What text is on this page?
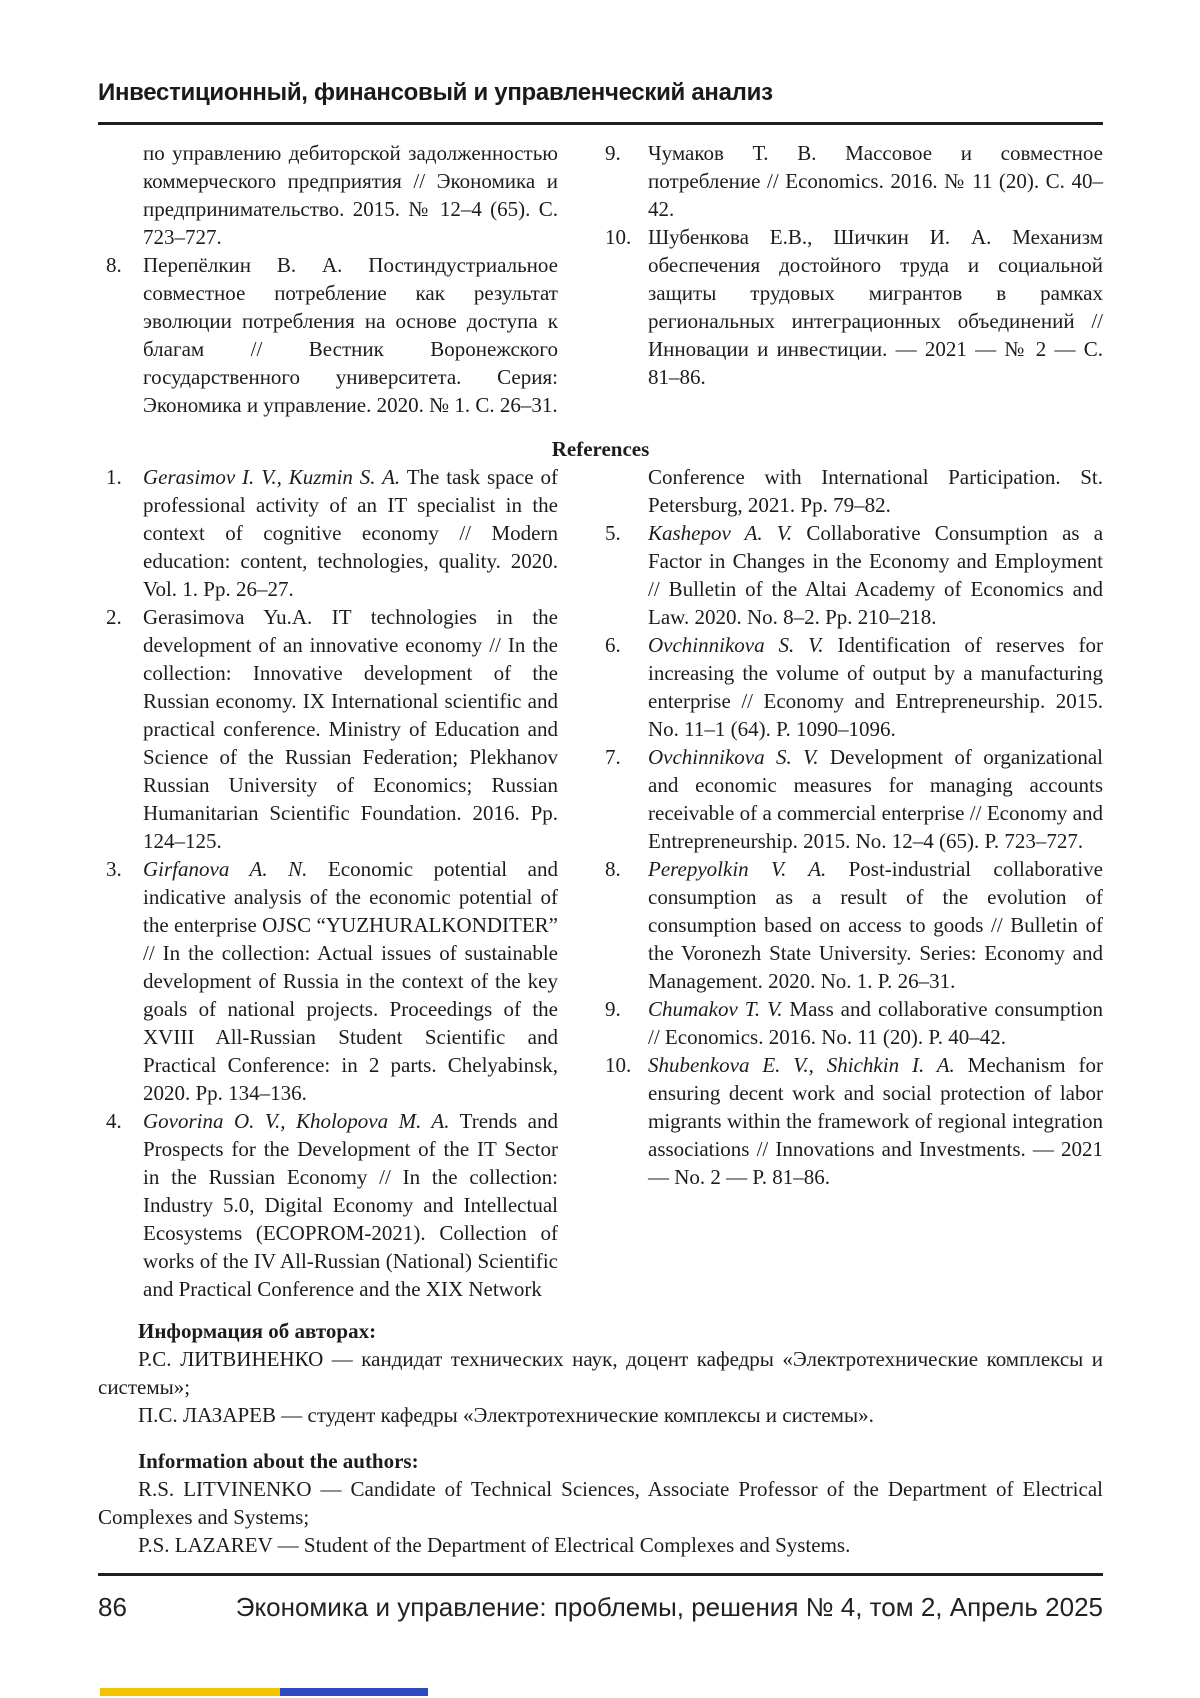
Инвестиционный, финансовый и управленческий анализ
по управлению дебиторской задолженностью коммерческого предприятия // Экономика и предпринимательство. 2015. № 12–4 (65). С. 723–727.
8.	Перепёлкин В. А. Постиндустриальное совместное потребление как результат эволюции потребления на основе доступа к благам // Вестник Воронежского государственного университета. Серия: Экономика и управление. 2020. № 1. С. 26–31.
9.	Чумаков Т. В. Массовое и совместное потребление // Economics. 2016. № 11 (20). С. 40–42.
10. Шубенкова Е.В., Шичкин И. А. Механизм обеспечения достойного труда и социальной защиты трудовых мигрантов в рамках региональных интеграционных объединений // Инновации и инвестиции. — 2021 — № 2 — С. 81–86.
References
1.	Gerasimov I. V., Kuzmin S. A. The task space of professional activity of an IT specialist in the context of cognitive economy // Modern education: content, technologies, quality. 2020. Vol. 1. Pp. 26–27.
2.	Gerasimova Yu.A. IT technologies in the development of an innovative economy // In the collection: Innovative development of the Russian economy. IX International scientific and practical conference. Ministry of Education and Science of the Russian Federation; Plekhanov Russian University of Economics; Russian Humanitarian Scientific Foundation. 2016. Pp. 124–125.
3.	Girfanova A. N. Economic potential and indicative analysis of the economic potential of the enterprise OJSC “YUZHURALKONDITER” // In the collection: Actual issues of sustainable development of Russia in the context of the key goals of national projects. Proceedings of the XVIII All-Russian Student Scientific and Practical Conference: in 2 parts. Chelyabinsk, 2020. Pp. 134–136.
4.	Govorina O. V., Kholopova M. A. Trends and Prospects for the Development of the IT Sector in the Russian Economy // In the collection: Industry 5.0, Digital Economy and Intellectual Ecosystems (ECOPROM-2021). Collection of works of the IV All-Russian (National) Scientific and Practical Conference and the XIX Network
Conference with International Participation. St. Petersburg, 2021. Pp. 79–82.
5.	Kashepov A. V. Collaborative Consumption as a Factor in Changes in the Economy and Employment // Bulletin of the Altai Academy of Economics and Law. 2020. No. 8–2. Pp. 210–218.
6.	Ovchinnikova S. V. Identification of reserves for increasing the volume of output by a manufacturing enterprise // Economy and Entrepreneurship. 2015. No. 11–1 (64). P. 1090–1096.
7.	Ovchinnikova S. V. Development of organizational and economic measures for managing accounts receivable of a commercial enterprise // Economy and Entrepreneurship. 2015. No. 12–4 (65). P. 723–727.
8.	Perepyolkin V. A. Post-industrial collaborative consumption as a result of the evolution of consumption based on access to goods // Bulletin of the Voronezh State University. Series: Economy and Management. 2020. No. 1. P. 26–31.
9.	Chumakov T. V. Mass and collaborative consumption // Economics. 2016. No. 11 (20). P. 40–42.
10. Shubenkova E. V., Shichkin I. A. Mechanism for ensuring decent work and social protection of labor migrants within the framework of regional integration associations // Innovations and Investments. — 2021 — No. 2 — P. 81–86.
Информация об авторах:
Р.С. ЛИТВИНЕНКО — кандидат технических наук, доцент кафедры «Электротехнические комплексы и системы»;
П.С. ЛАЗАРЕВ — студент кафедры «Электротехнические комплексы и системы».
Information about the authors:
R.S. LITVINENKO — Candidate of Technical Sciences, Associate Professor of the Department of Electrical Complexes and Systems;
P.S. LAZAREV — Student of the Department of Electrical Complexes and Systems.
86	Экономика и управление: проблемы, решения № 4, том 2, Апрель 2025
